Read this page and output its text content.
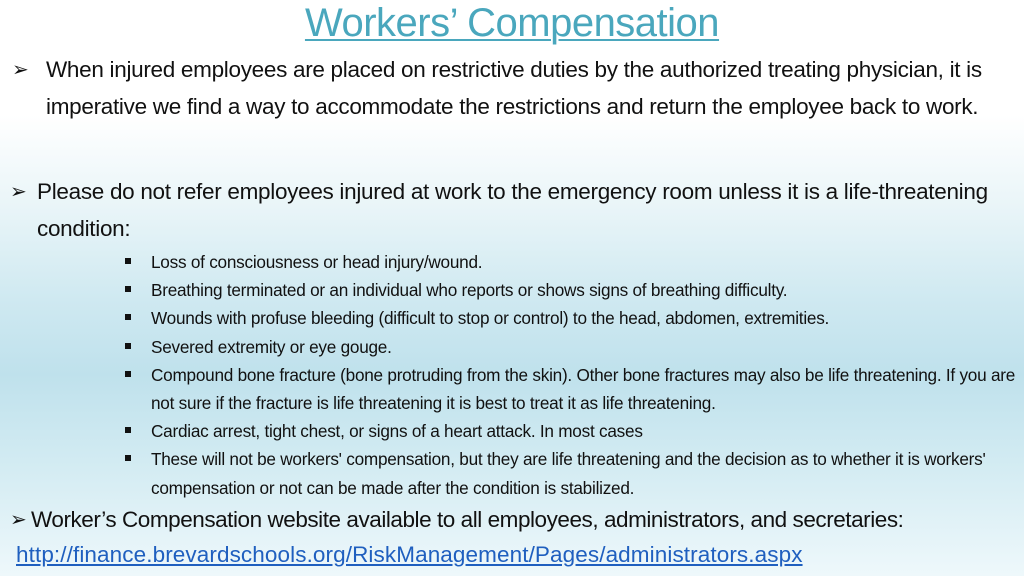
Workers’ Compensation
➢ When injured employees are placed on restrictive duties by the authorized treating physician, it is imperative we find a way to accommodate the restrictions and return the employee back to work.
➢ Please do not refer employees injured at work to the emergency room unless it is a life-threatening condition:
Loss of consciousness or head injury/wound.
Breathing terminated or an individual who reports or shows signs of breathing difficulty.
Wounds with profuse bleeding (difficult to stop or control) to the head, abdomen, extremities.
Severed extremity or eye gouge.
Compound bone fracture (bone protruding from the skin). Other bone fractures may also be life threatening. If you are not sure if the fracture is life threatening it is best to treat it as life threatening.
Cardiac arrest, tight chest, or signs of a heart attack. In most cases
These will not be workers' compensation, but they are life threatening and the decision as to whether it is workers' compensation or not can be made after the condition is stabilized.
➢ Worker’s Compensation website available to all employees, administrators, and secretaries:
http://finance.brevardschools.org/RiskManagement/Pages/administrators.aspx
